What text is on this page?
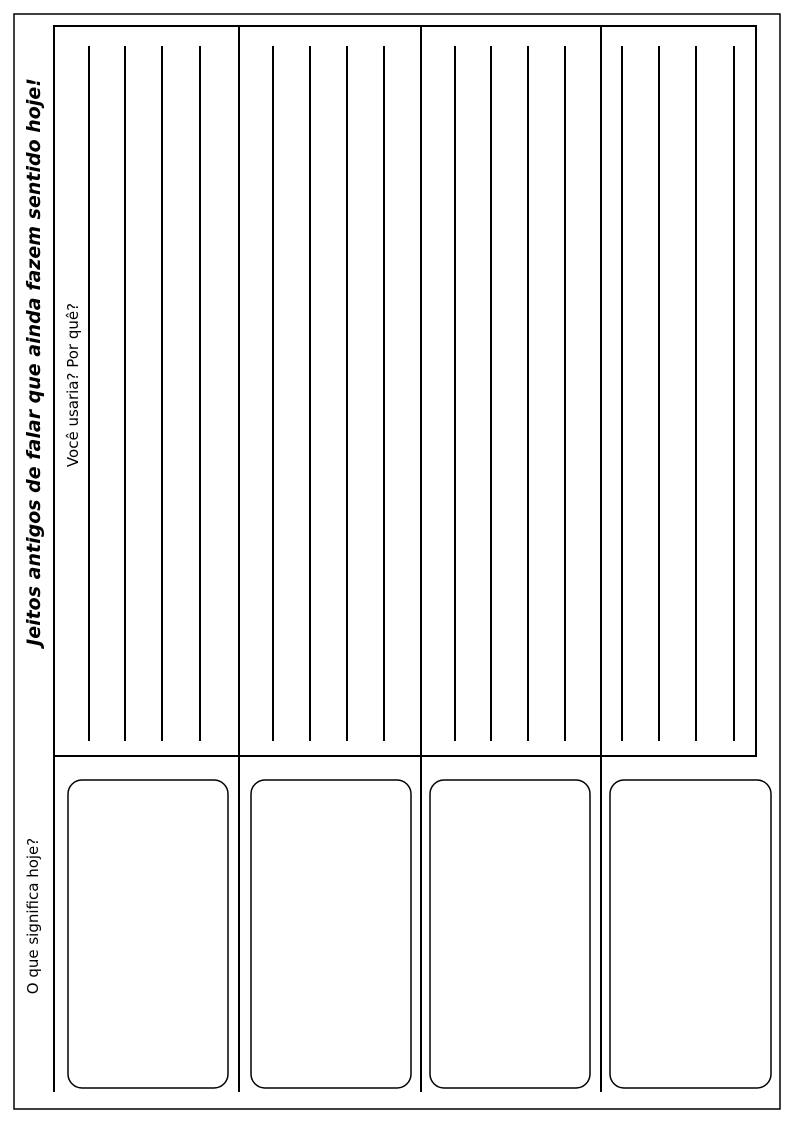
Jeitos antigos de falar que ainda fazem sentido hoje! Você usaria? Por quê?
O que significa hoje?
